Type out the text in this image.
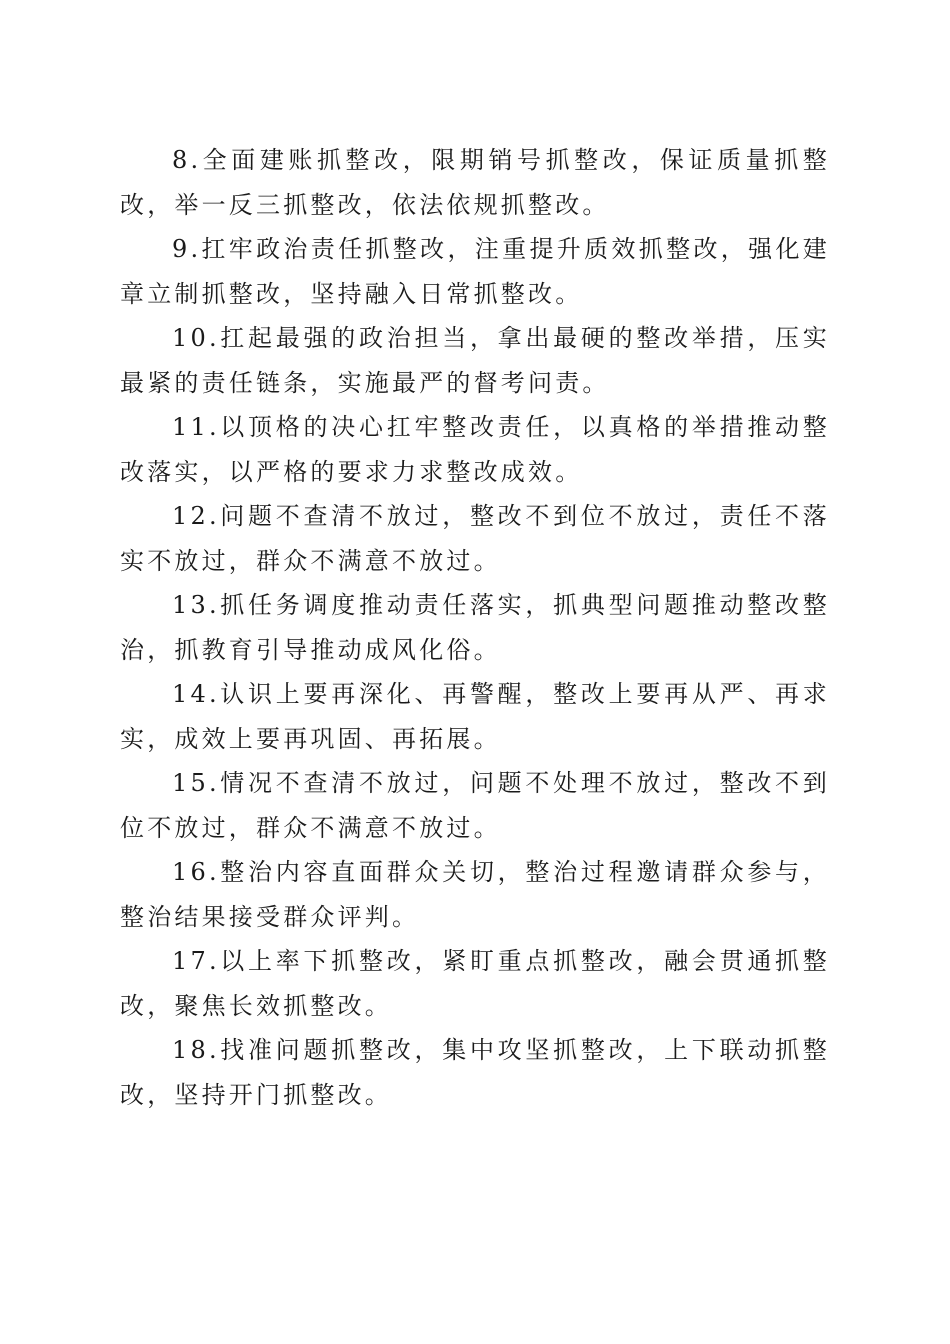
8.全面建账抓整改，限期销号抓整改，保证质量抓整改，举一反三抓整改，依法依规抓整改。

9.扛牢政治责任抓整改，注重提升质效抓整改，强化建章立制抓整改，坚持融入日常抓整改。

10.扛起最强的政治担当，拿出最硬的整改举措，压实最紧的责任链条，实施最严的督考问责。

11.以顶格的决心扛牢整改责任，以真格的举措推动整改落实，以严格的要求力求整改成效。

12.问题不查清不放过，整改不到位不放过，责任不落实不放过，群众不满意不放过。

13.抓任务调度推动责任落实，抓典型问题推动整改整治，抓教育引导推动成风化俗。

14.认识上要再深化、再警醒，整改上要再从严、再求实，成效上要再巩固、再拓展。

15.情况不查清不放过，问题不处理不放过，整改不到位不放过，群众不满意不放过。

16.整治内容直面群众关切，整治过程邀请群众参与，整治结果接受群众评判。

17.以上率下抓整改，紧盯重点抓整改，融会贯通抓整改，聚焦长效抓整改。

18.找准问题抓整改，集中攻坚抓整改，上下联动抓整改，坚持开门抓整改。
